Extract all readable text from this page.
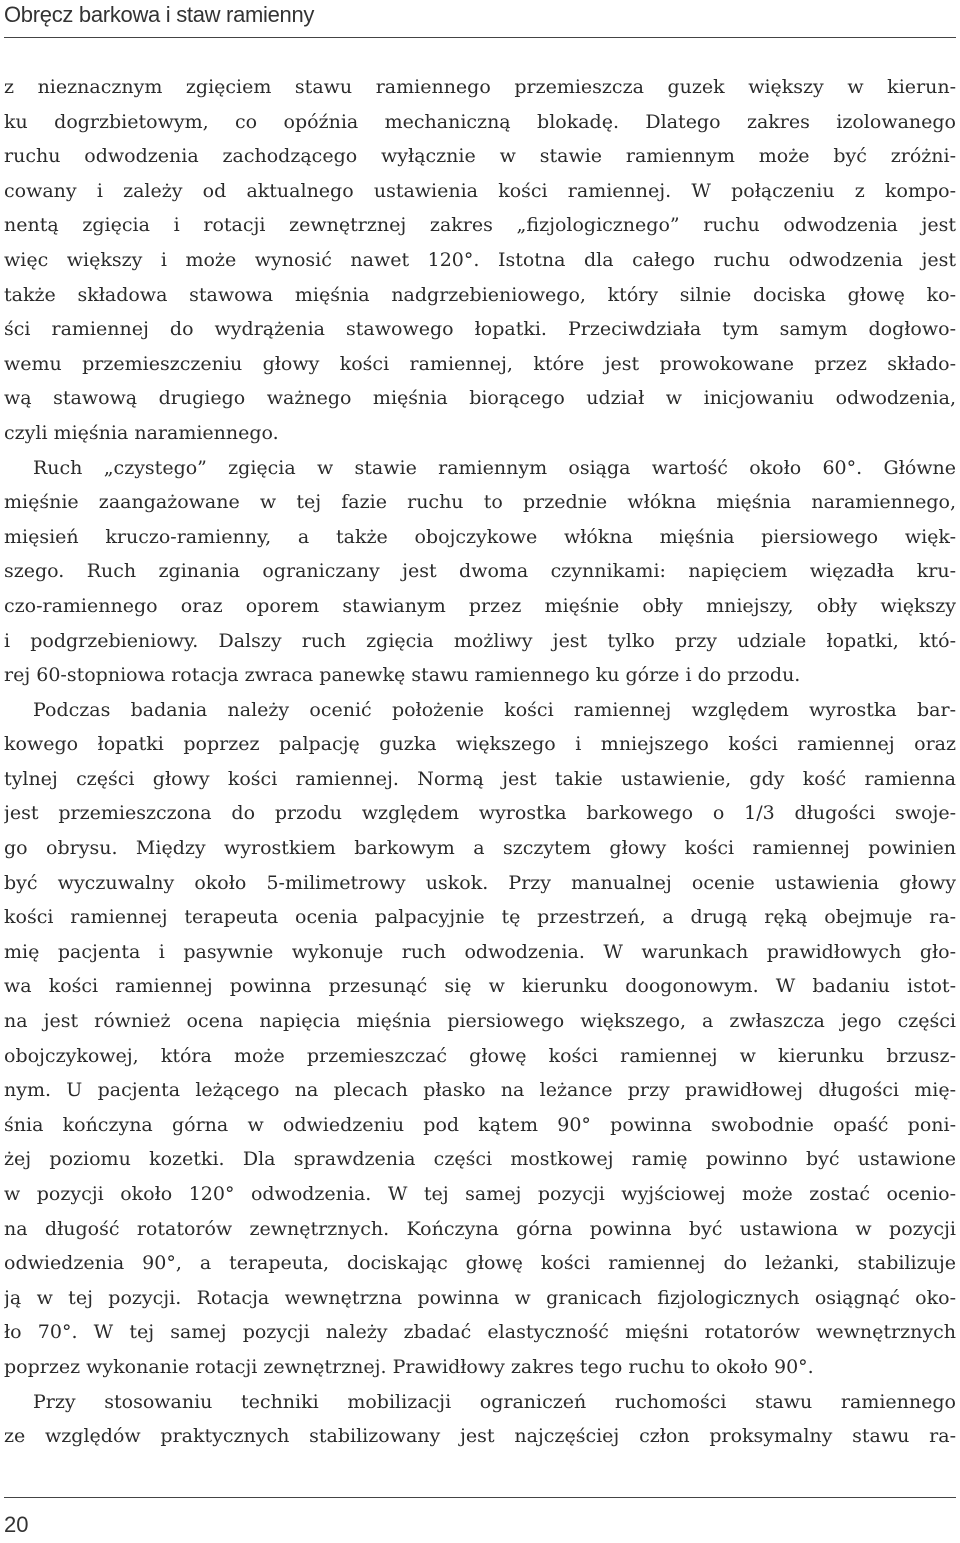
Obręcz barkowa i staw ramienny
z nieznacznym zgięciem stawu ramiennego przemieszcza guzek większy w kierun-
ku dogrzbietowym, co opóźnia mechaniczną blokadę. Dlatego zakres izolowanego
ruchu odwodzenia zachodzącego wyłącznie w stawie ramiennym może być zróżni-
cowany i zależy od aktualnego ustawienia kości ramiennej. W połączeniu z kompo-
nentą zgięcia i rotacji zewnętrznej zakres „fizjologicznego” ruchu odwodzenia jest
więc większy i może wynosić nawet 120°. Istotna dla całego ruchu odwodzenia jest
także składowa stawowa mięśnia nadgrzebieniowego, który silnie dociska głowę ko-
ści ramiennej do wydrążenia stawowego łopatki. Przeciwdziała tym samym dogłowo-
wemu przemieszczeniu głowy kości ramiennej, które jest prowokowane przez składo-
wą stawową drugiego ważnego mięśnia biorącego udział w inicjowaniu odwodzenia,
czyli mięśnia naramiennego.
Ruch „czystego” zgięcia w stawie ramiennym osiąga wartość około 60°. Główne
mięśnie zaangażowane w tej fazie ruchu to przednie włókna mięśnia naramiennego,
mięsień kruczo-ramienny, a także obojczykowe włókna mięśnia piersiowego więk-
szego. Ruch zginania ograniczany jest dwoma czynnikami: napięciem więzadła kru-
czo-ramiennego oraz oporem stawianym przez mięśnie obły mniejszy, obły większy
i podgrzebieniowy. Dalszy ruch zgięcia możliwy jest tylko przy udziale łopatki, któ-
rej 60-stopniowa rotacja zwraca panewkę stawu ramiennego ku górze i do przodu.
Podczas badania należy ocenić położenie kości ramiennej względem wyrostka bar-
kowego łopatki poprzez palpację guzka większego i mniejszego kości ramiennej oraz
tylnej części głowy kości ramiennej. Normą jest takie ustawienie, gdy kość ramienna
jest przemieszczona do przodu względem wyrostka barkowego o 1/3 długości swoje-
go obrysu. Między wyrostkiem barkowym a szczytem głowy kości ramiennej powinien
być wyczuwalny około 5-milimetrowy uskok. Przy manualnej ocenie ustawienia głowy
kości ramiennej terapeuta ocenia palpacyjnie tę przestrzeń, a drugą ręką obejmuje ra-
mię pacjenta i pasywnie wykonuje ruch odwodzenia. W warunkach prawidłowych gło-
wa kości ramiennej powinna przesunąć się w kierunku doogonowym. W badaniu istot-
na jest również ocena napięcia mięśnia piersiowego większego, a zwłaszcza jego części
obojczykowej, która może przemieszczać głowę kości ramiennej w kierunku brzusz-
nym. U pacjenta leżącego na plecach płasko na leżance przy prawidłowej długości mię-
śnia kończyna górna w odwiedzeniu pod kątem 90° powinna swobodnie opaść poni-
żej poziomu kozetki. Dla sprawdzenia części mostkowej ramię powinno być ustawione
w pozycji około 120° odwodzenia. W tej samej pozycji wyjściowej może zostać oceniо-
na długość rotatorów zewnętrznych. Kończyna górna powinna być ustawiona w pozycji
odwiedzenia 90°, a terapeuta, dociskając głowę kości ramiennej do leżanki, stabilizuje
ją w tej pozycji. Rotacja wewnętrzna powinna w granicach fizjologicznych osiągnąć oko-
ło 70°. W tej samej pozycji należy zbadać elastyczność mięśni rotatorów wewnętrznych
poprzez wykonanie rotacji zewnętrznej. Prawidłowy zakres tego ruchu to około 90°.
Przy stosowaniu techniki mobilizacji ograniczeń ruchomości stawu ramiennego
ze względów praktycznych stabilizowany jest najczęściej człon proksymalny stawu ra-
20
